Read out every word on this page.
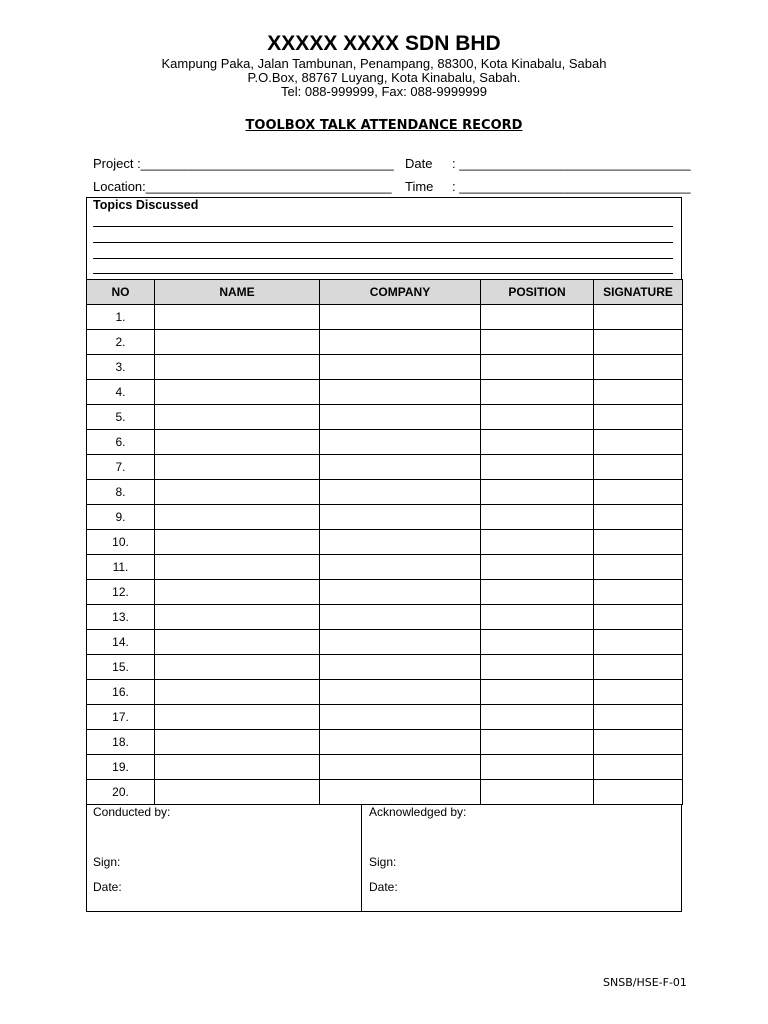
XXXXX XXXX SDN BHD
Kampung Paka, Jalan Tambunan, Penampang, 88300, Kota Kinabalu, Sabah
P.O.Box, 88767 Luyang, Kota Kinabalu, Sabah.
Tel: 088-999999, Fax: 088-9999999
TOOLBOX TALK ATTENDANCE RECORD
Project :___________________________________
Location:__________________________________
Date : ________________________________
Time : ________________________________
Topics Discussed
NO	NAME	COMPANY	POSITION	SIGNATURE
1.				
2.				
3.				
4.				
5.				
6.				
7.				
8.				
9.				
10.				
11.				
12.				
13.				
14.				
15.				
16.				
17.				
18.				
19.				
20.				
Conducted by:
Sign:
Date:
Acknowledged by:
Sign:
Date:
SNSB/HSE-F-01
